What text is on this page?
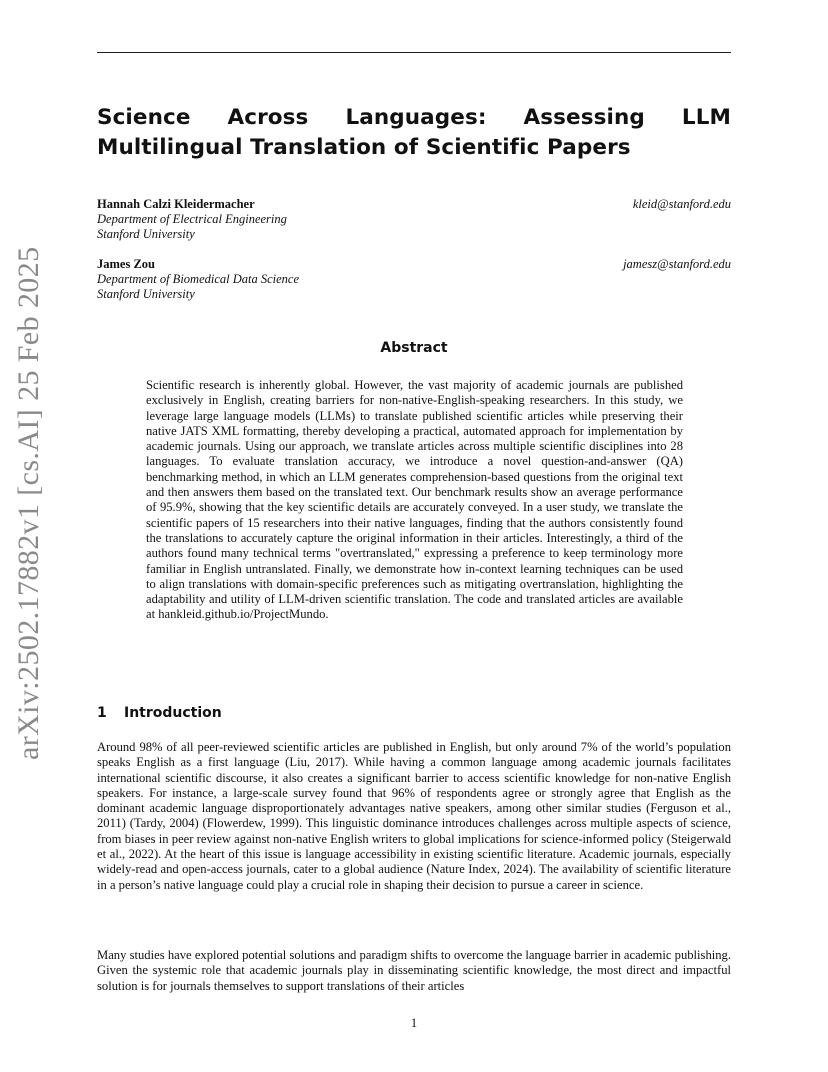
Science Across Languages: Assessing LLM Multilingual Translation of Scientific Papers
Hannah Calzi Kleidermacher
Department of Electrical Engineering
Stanford University
kleid@stanford.edu
James Zou
Department of Biomedical Data Science
Stanford University
jamesz@stanford.edu
arXiv:2502.17882v1 [cs.AI] 25 Feb 2025	Abstract

Scientific research is inherently global. However, the vast majority of academic journals are published exclusively in English, creating barriers for non-native-English-speaking researchers. In this study, we leverage large language models (LLMs) to translate published scientific articles while preserving their native JATS XML formatting, thereby developing a practical, automated approach for implementation by academic journals. Using our approach, we translate articles across multiple scientific disciplines into 28 languages. To evaluate translation accuracy, we introduce a novel question-and-answer (QA) benchmarking method, in which an LLM generates comprehension-based questions from the original text and then answers them based on the translated text. Our benchmark results show an average performance of 95.9%, showing that the key scientific details are accurately conveyed. In a user study, we translate the scientific papers of 15 researchers into their native languages, finding that the authors consistently found the translations to accurately capture the original information in their articles. Interestingly, a third of the authors found many technical terms "overtranslated," expressing a preference to keep terminology more familiar in English untranslated. Finally, we demonstrate how in-context learning techniques can be used to align translations with domain-specific preferences such as mitigating overtranslation, highlighting the adaptability and utility of LLM-driven scientific translation. The code and translated articles are available at hankleid.github.io/ProjectMundo.

1 Introduction

Around 98% of all peer-reviewed scientific articles are published in English, but only around 7% of the world’s population speaks English as a first language (Liu, 2017). While having a common language among academic journals facilitates international scientific discourse, it also creates a significant barrier to access scientific knowledge for non-native English speakers. For instance, a large-scale survey found that 96% of respondents agree or strongly agree that English as the dominant academic language disproportionately advantages native speakers, among other similar studies (Ferguson et al., 2011) (Tardy, 2004) (Flowerdew, 1999). This linguistic dominance introduces challenges across multiple aspects of science, from biases in peer review against non-native English writers to global implications for science-informed policy (Steigerwald et al., 2022). At the heart of this issue is language accessibility in existing scientific literature. Academic journals, especially widely-read and open-access journals, cater to a global audience (Nature Index, 2024). The availability of scientific literature in a person’s native language could play a crucial role in shaping their decision to pursue a career in science.

Many studies have explored potential solutions and paradigm shifts to overcome the language barrier in academic publishing. Given the systemic role that academic journals play in disseminating scientific knowledge, the most direct and impactful solution is for journals themselves to support translations of their articles

1
